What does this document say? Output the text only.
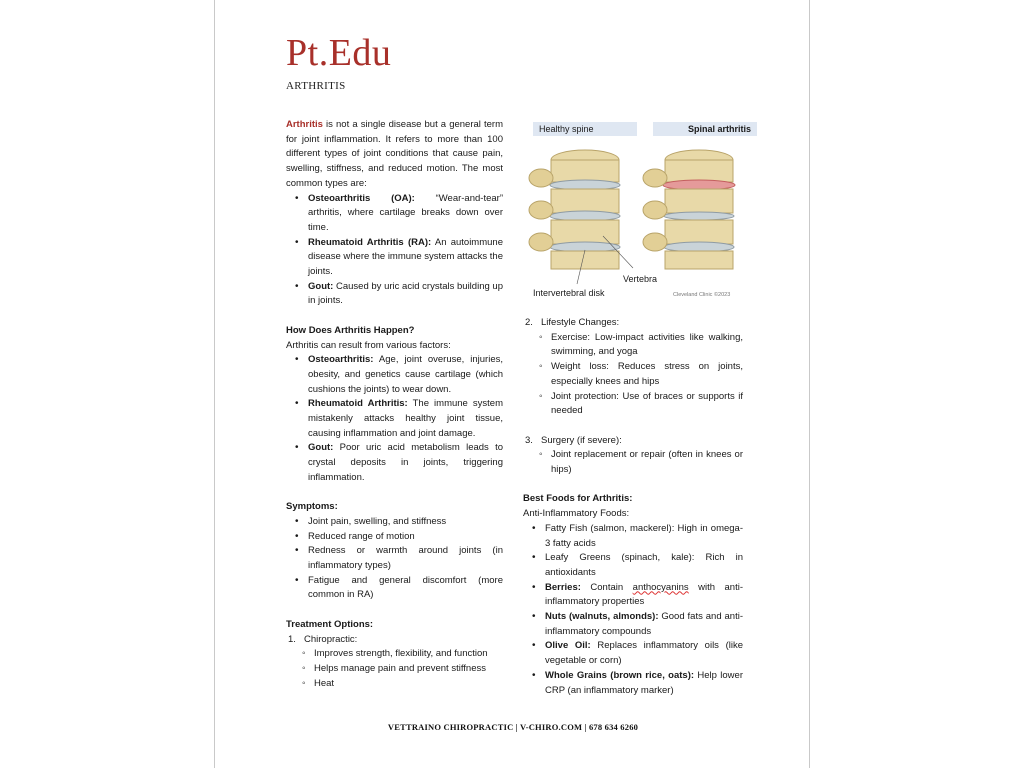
Pt.Edu
ARTHRITIS

Arthritis is not a single disease but a general term for joint inflammation. It refers to more than 100 different types of joint conditions that cause pain, swelling, stiffness, and reduced motion. The most common types are:

• Osteoarthritis (OA): “Wear-and-tear” arthritis, where cartilage breaks down over time.
• Rheumatoid Arthritis (RA): An autoimmune disease where the immune system attacks the joints.
• Gout: Caused by uric acid crystals building up in joints.

How Does Arthritis Happen?

Arthritis can result from various factors:

• Osteoarthritis: Age, joint overuse, injuries, obesity, and genetics cause cartilage (which cushions the joints) to wear down.
• Rheumatoid Arthritis: The immune system mistakenly attacks healthy joint tissue, causing inflammation and joint damage.
• Gout: Poor uric acid metabolism leads to crystal deposits in joints, triggering inflammation.

Symptoms:

• Joint pain, swelling, and stiffness
• Reduced range of motion
• Redness or warmth around joints (in inflammatory types)
• Fatigue and general discomfort (more common in RA)

Treatment Options:

1. Chiropractic:
◦ Improves strength, flexibility, and function
◦ Helps manage pain and prevent stiffness
◦ Heat
Healthy spine	Spinal arthritis
Vertebra
Intervertebral disk	Cleveland Clinic ©2023
2. Lifestyle Changes:
◦ Exercise: Low-impact activities like walking, swimming, and yoga
◦ Weight loss: Reduces stress on joints, especially knees and hips
◦ Joint protection: Use of braces or supports if needed
3. Surgery (if severe):
◦ Joint replacement or repair (often in knees or hips)

Best Foods for Arthritis:

Anti-Inflammatory Foods:

• Fatty Fish (salmon, mackerel): High in omega-3 fatty acids
• Leafy Greens (spinach, kale): Rich in antioxidants
• Berries: Contain anthocyanins with anti-inflammatory properties
• Nuts (walnuts, almonds): Good fats and anti-inflammatory compounds
• Olive Oil: Replaces inflammatory oils (like vegetable or corn)
• Whole Grains (brown rice, oats): Help lower CRP (an inflammatory marker)
VETTRAINO CHIROPRACTIC | V-CHIRO.COM | 678 634 6260
